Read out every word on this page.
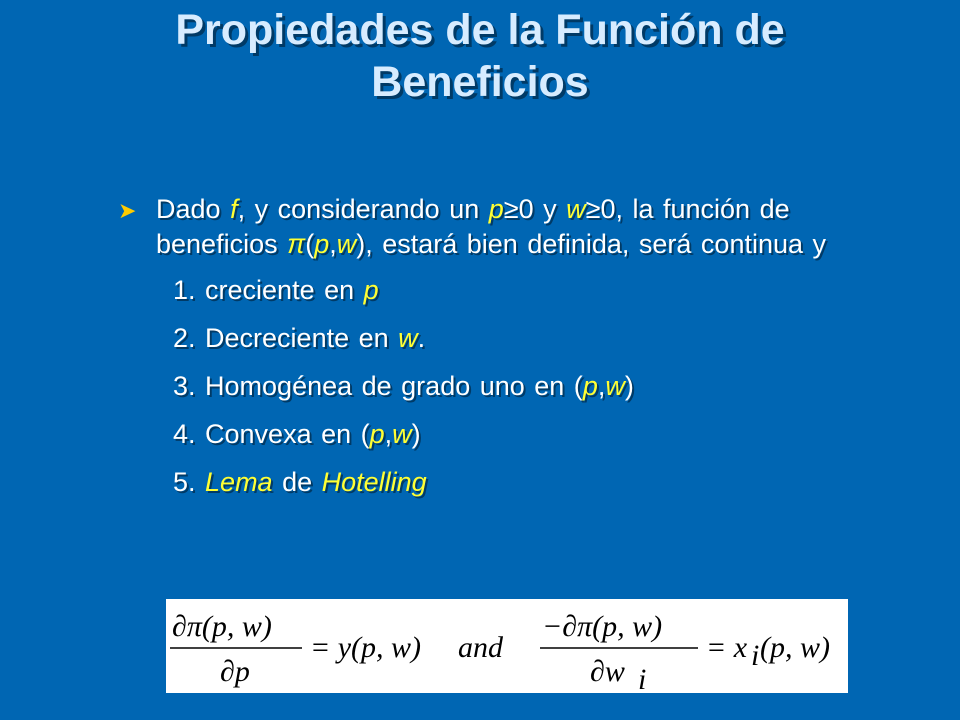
Propiedades de la Función de
Beneficios
➤ Dado f, y considerando un p≥0 y w≥0, la función de beneficios π(p,w), estará bien definida, será continua y
1. creciente en p
2. Decreciente en w.
3. Homogénea de grado uno en (p,w)
4. Convexa en (p,w)
5. Lema de Hotelling
∂π(p, w)
∂p
= y(p, w) and
−∂π(p, w)
∂w i
= x i (p, w)
